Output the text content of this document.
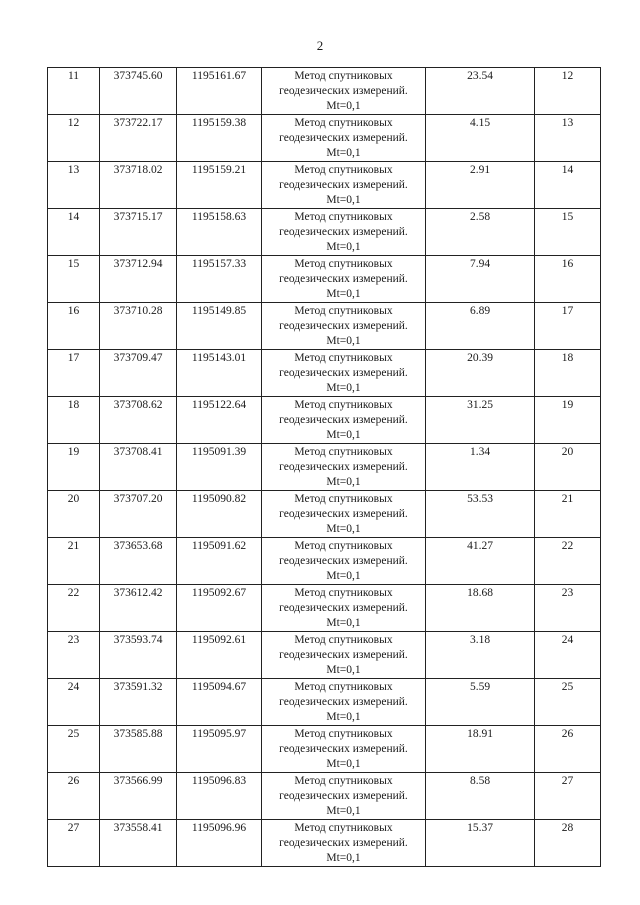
2
11	373745.60	1195161.67	Метод спутниковых
геодезических измерений.
Mt=0,1	23.54	12
12	373722.17	1195159.38	Метод спутниковых
геодезических измерений.
Mt=0,1	4.15	13
13	373718.02	1195159.21	Метод спутниковых
геодезических измерений.
Mt=0,1	2.91	14
14	373715.17	1195158.63	Метод спутниковых
геодезических измерений.
Mt=0,1	2.58	15
15	373712.94	1195157.33	Метод спутниковых
геодезических измерений.
Mt=0,1	7.94	16
16	373710.28	1195149.85	Метод спутниковых
геодезических измерений.
Mt=0,1	6.89	17
17	373709.47	1195143.01	Метод спутниковых
геодезических измерений.
Mt=0,1	20.39	18
18	373708.62	1195122.64	Метод спутниковых
геодезических измерений.
Mt=0,1	31.25	19
19	373708.41	1195091.39	Метод спутниковых
геодезических измерений.
Mt=0,1	1.34	20
20	373707.20	1195090.82	Метод спутниковых
геодезических измерений.
Mt=0,1	53.53	21
21	373653.68	1195091.62	Метод спутниковых
геодезических измерений.
Mt=0,1	41.27	22
22	373612.42	1195092.67	Метод спутниковых
геодезических измерений.
Mt=0,1	18.68	23
23	373593.74	1195092.61	Метод спутниковых
геодезических измерений.
Mt=0,1	3.18	24
24	373591.32	1195094.67	Метод спутниковых
геодезических измерений.
Mt=0,1	5.59	25
25	373585.88	1195095.97	Метод спутниковых
геодезических измерений.
Mt=0,1	18.91	26
26	373566.99	1195096.83	Метод спутниковых
геодезических измерений.
Mt=0,1	8.58	27
27	373558.41	1195096.96	Метод спутниковых
геодезических измерений.
Mt=0,1	15.37	28
